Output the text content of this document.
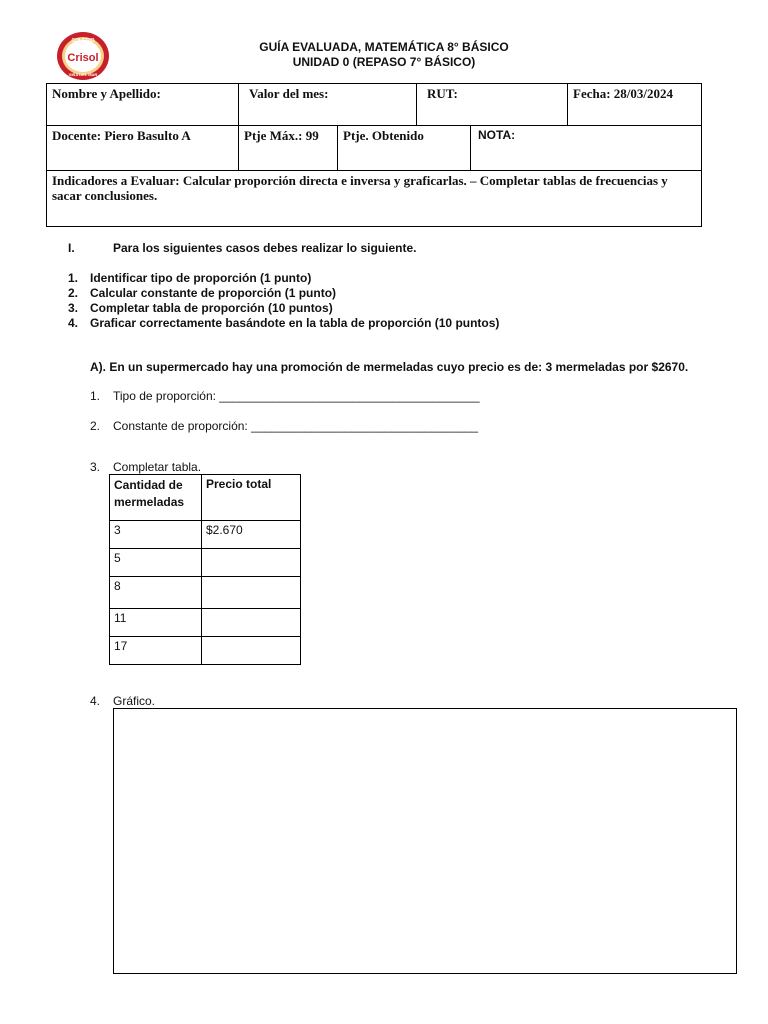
COLEGIO
Crisol
VIÑA DEL MAR
GUÍA EVALUADA, MATEMÁTICA 8° BÁSICO
UNIDAD 0 (REPASO 7° BÁSICO)
Nombre y Apellido:	Valor del mes:	RUT:	Fecha: 28/03/2024
Docente: Piero Basulto A	Ptje Máx.: 99	Ptje. Obtenido	NOTA:
Indicadores a Evaluar: Calcular proporción directa e inversa y graficarlas. – Completar tablas de frecuencias y sacar conclusiones.
I.	Para los siguientes casos debes realizar lo siguiente.
1. Identificar tipo de proporción (1 punto)
2. Calcular constante de proporción (1 punto)
3. Completar tabla de proporción (10 puntos)
4. Graficar correctamente basándote en la tabla de proporción (10 puntos)
A). En un supermercado hay una promoción de mermeladas cuyo precio es de: 3 mermeladas por $2670.
1. Tipo de proporción: _______________________________________
2. Constante de proporción: __________________________________
3. Completar tabla.
Cantidad de mermeladas	Precio total
3	$2.670
5	
8	
11	
17	
4. Gráfico.
